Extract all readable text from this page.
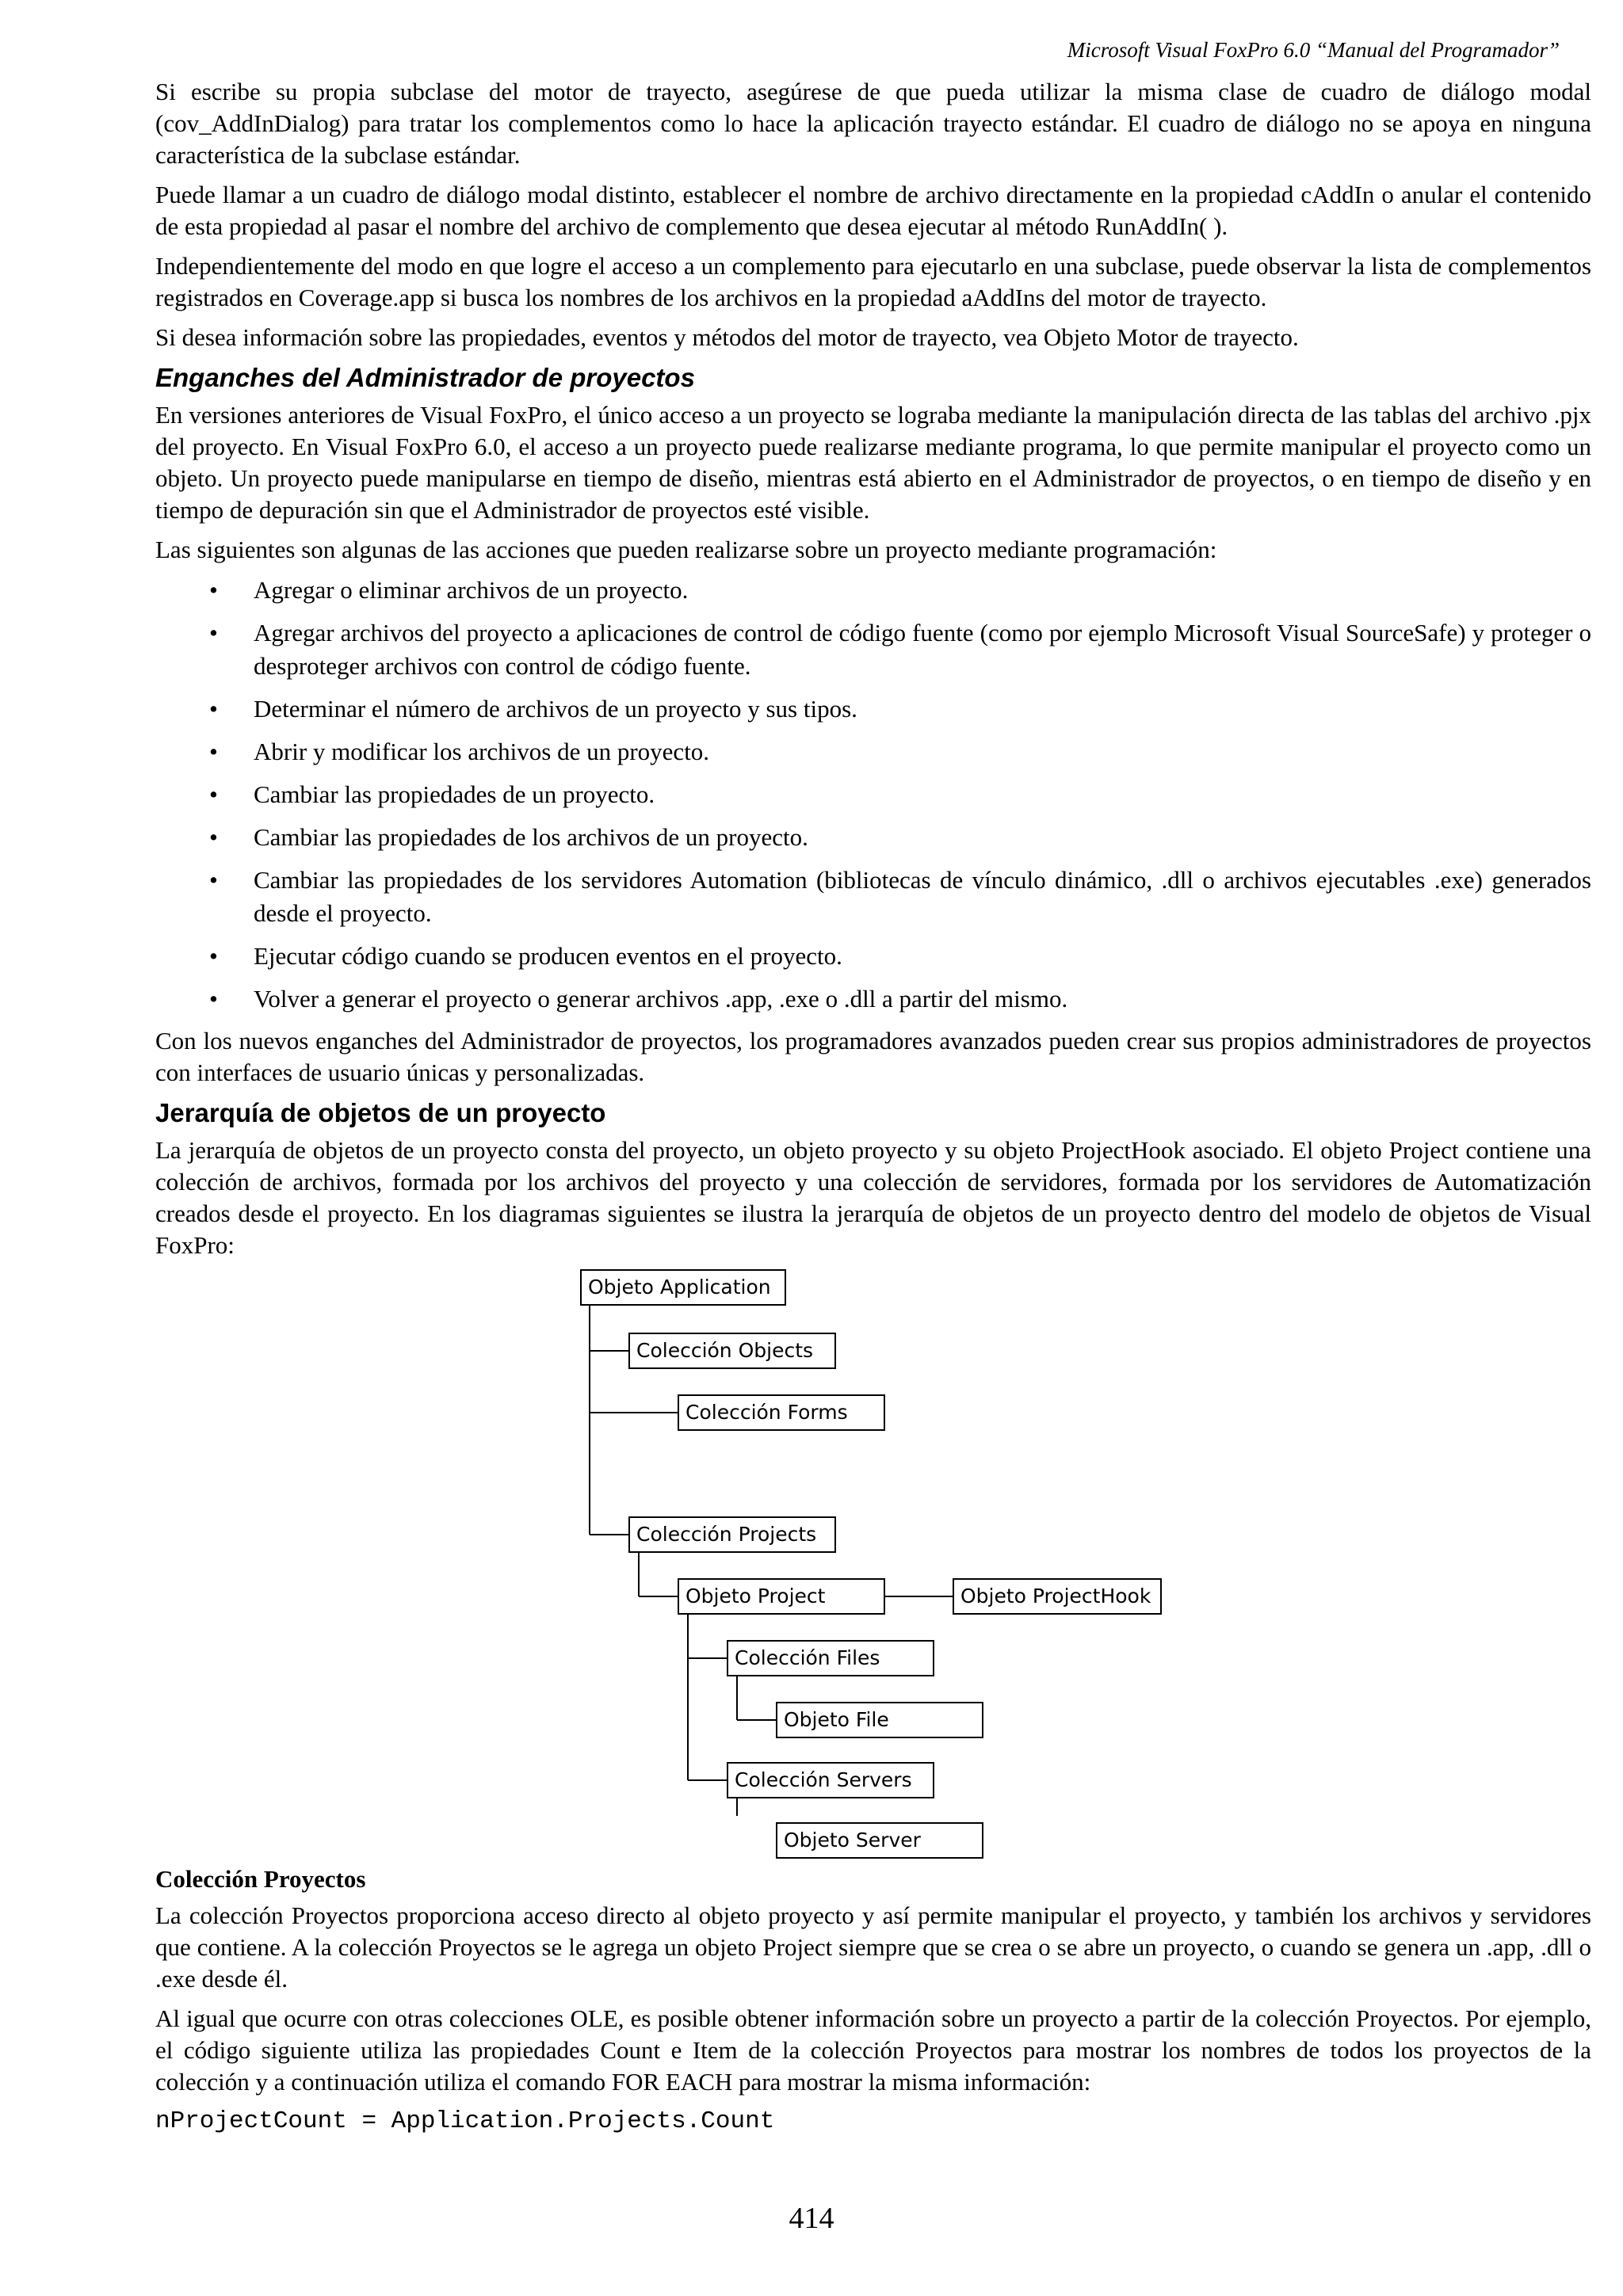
Microsoft Visual FoxPro 6.0 “Manual del Programador”

Si escribe su propia subclase del motor de trayecto, asegúrese de que pueda utilizar la misma clase de cuadro de diálogo modal (cov_AddInDialog) para tratar los complementos como lo hace la aplicación trayecto estándar. El cuadro de diálogo no se apoya en ninguna característica de la subclase estándar.

Puede llamar a un cuadro de diálogo modal distinto, establecer el nombre de archivo directamente en la propiedad cAddIn o anular el contenido de esta propiedad al pasar el nombre del archivo de complemento que desea ejecutar al método RunAddIn( ).

Independientemente del modo en que logre el acceso a un complemento para ejecutarlo en una subclase, puede observar la lista de complementos registrados en Coverage.app si busca los nombres de los archivos en la propiedad aAddIns del motor de trayecto.

Si desea información sobre las propiedades, eventos y métodos del motor de trayecto, vea Objeto Motor de trayecto.

Enganches del Administrador de proyectos

En versiones anteriores de Visual FoxPro, el único acceso a un proyecto se lograba mediante la manipulación directa de las tablas del archivo .pjx del proyecto. En Visual FoxPro 6.0, el acceso a un proyecto puede realizarse mediante programa, lo que permite manipular el proyecto como un objeto. Un proyecto puede manipularse en tiempo de diseño, mientras está abierto en el Administrador de proyectos, o en tiempo de diseño y en tiempo de depuración sin que el Administrador de proyectos esté visible.

Las siguientes son algunas de las acciones que pueden realizarse sobre un proyecto mediante programación:

• Agregar o eliminar archivos de un proyecto.
• Agregar archivos del proyecto a aplicaciones de control de código fuente (como por ejemplo Microsoft Visual SourceSafe) y proteger o desproteger archivos con control de código fuente.
• Determinar el número de archivos de un proyecto y sus tipos.
• Abrir y modificar los archivos de un proyecto.
• Cambiar las propiedades de un proyecto.
• Cambiar las propiedades de los archivos de un proyecto.
• Cambiar las propiedades de los servidores Automation (bibliotecas de vínculo dinámico, .dll o archivos ejecutables .exe) generados desde el proyecto.
• Ejecutar código cuando se producen eventos en el proyecto.
• Volver a generar el proyecto o generar archivos .app, .exe o .dll a partir del mismo.

Con los nuevos enganches del Administrador de proyectos, los programadores avanzados pueden crear sus propios administradores de proyectos con interfaces de usuario únicas y personalizadas.

Jerarquía de objetos de un proyecto

La jerarquía de objetos de un proyecto consta del proyecto, un objeto proyecto y su objeto ProjectHook asociado. El objeto Project contiene una colección de archivos, formada por los archivos del proyecto y una colección de servidores, formada por los servidores de Automatización creados desde el proyecto. En los diagramas siguientes se ilustra la jerarquía de objetos de un proyecto dentro del modelo de objetos de Visual FoxPro:

Objeto Application
Colección Objects
Colección Forms
Colección Projects
Objeto Project	Objeto ProjectHook
Colección Files
Objeto File
Colección Servers
Objeto Server
Colección Proyectos

La colección Proyectos proporciona acceso directo al objeto proyecto y así permite manipular el proyecto, y también los archivos y servidores que contiene. A la colección Proyectos se le agrega un objeto Project siempre que se crea o se abre un proyecto, o cuando se genera un .app, .dll o .exe desde él.

Al igual que ocurre con otras colecciones OLE, es posible obtener información sobre un proyecto a partir de la colección Proyectos. Por ejemplo, el código siguiente utiliza las propiedades Count e Item de la colección Proyectos para mostrar los nombres de todos los proyectos de la colección y a continuación utiliza el comando FOR EACH para mostrar la misma información:

nProjectCount = Application.Projects.Count
414
